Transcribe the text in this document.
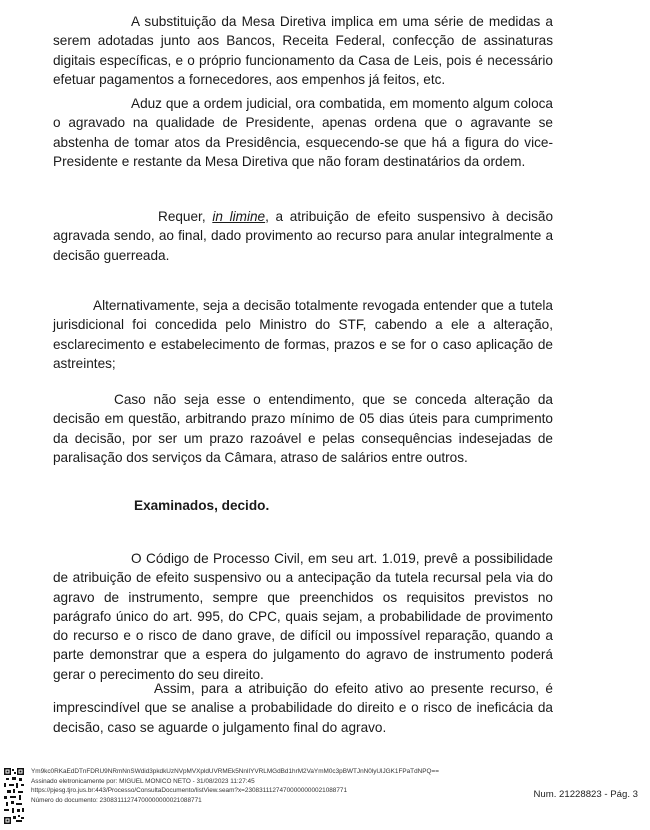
A substituição da Mesa Diretiva implica em uma série de medidas a serem adotadas junto aos Bancos, Receita Federal, confecção de assinaturas digitais específicas, e o próprio funcionamento da Casa de Leis, pois é necessário efetuar pagamentos a fornecedores, aos empenhos já feitos, etc.

Aduz que a ordem judicial, ora combatida, em momento algum coloca o agravado na qualidade de Presidente, apenas ordena que o agravante se abstenha de tomar atos da Presidência, esquecendo-se que há a figura do vice-Presidente e restante da Mesa Diretiva que não foram destinatários da ordem.

Requer, in limine, a atribuição de efeito suspensivo à decisão agravada sendo, ao final, dado provimento ao recurso para anular integralmente a decisão guerreada.

Alternativamente, seja a decisão totalmente revogada entender que a tutela jurisdicional foi concedida pelo Ministro do STF, cabendo a ele a alteração, esclarecimento e estabelecimento de formas, prazos e se for o caso aplicação de astreintes;

Caso não seja esse o entendimento, que se conceda alteração da decisão em questão, arbitrando prazo mínimo de 05 dias úteis para cumprimento da decisão, por ser um prazo razoável e pelas consequências indesejadas de paralisação dos serviços da Câmara, atraso de salários entre outros.

Examinados, decido.

O Código de Processo Civil, em seu art. 1.019, prevê a possibilidade de atribuição de efeito suspensivo ou a antecipação da tutela recursal pela via do agravo de instrumento, sempre que preenchidos os requisitos previstos no parágrafo único do art. 995, do CPC, quais sejam, a probabilidade de provimento do recurso e o risco de dano grave, de difícil ou impossível reparação, quando a parte demonstrar que a espera do julgamento do agravo de instrumento poderá gerar o perecimento do seu direito.

Assim, para a atribuição do efeito ativo ao presente recurso, é imprescindível que se analise a probabilidade do direito e o risco de ineficácia da decisão, caso se aguarde o julgamento final do agravo.

Ym9kc0RKaEdDTnFDRU9NRmNnSWdid3pkdkUzNVpMVXpldUVRMEk5NnlIYVRLMGdBd1hrM2VaYmM0c3pBWTJnN0lyUlJGK1FPaTdNPQ==
Assinado eletronicamente por: MIGUEL MONICO NETO - 31/08/2023 11:27:45
https://pjesg.tjro.jus.br:443/Processo/ConsultaDocumento/listView.seam?x=23083111274700000000021088771
Número do documento: 23083111274700000000021088771
Num. 21228823 - Pág. 3
